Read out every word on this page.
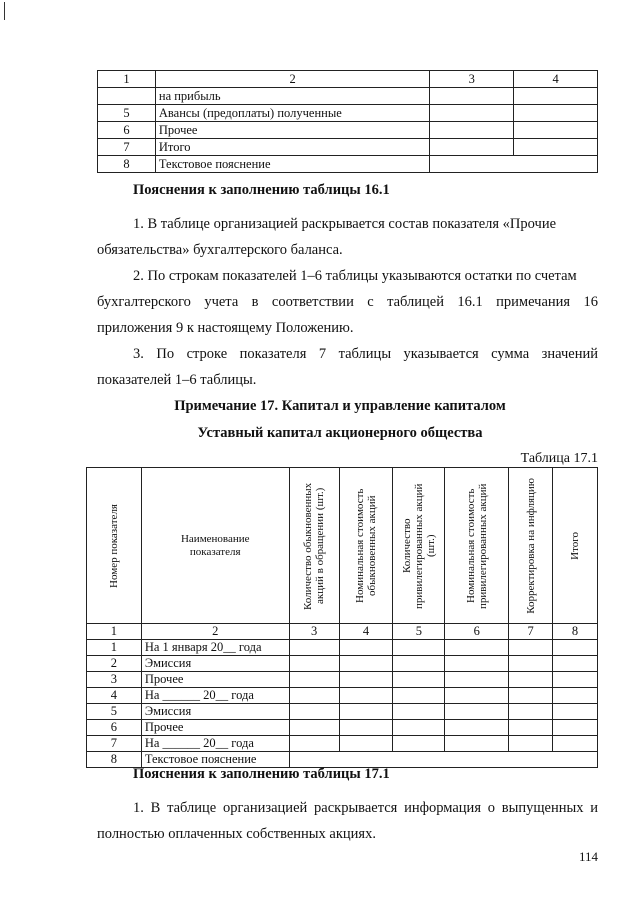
1	2	3	4
	на прибыль		
5	Авансы (предоплаты) полученные		
6	Прочее		
7	Итого		
8	Текстовое пояснение		
Пояснения к заполнению таблицы 16.1
1. В таблице организацией раскрывается состав показателя «Прочие
обязательства» бухгалтерского баланса.
2. По строкам показателей 1–6 таблицы указываются остатки по счетам
бухгалтерского учета в соответствии с таблицей 16.1 примечания 16
приложения 9 к настоящему Положению.
3. По строке показателя 7 таблицы указывается сумма значений
показателей 1–6 таблицы.
Примечание 17. Капитал и управление капиталом
Уставный капитал акционерного общества
Таблица 17.1
Номер показателя	Наименование показателя	Количество обыкновенных акций в обращении (шт.)	Номинальная стоимость обыкновенных акций	Количество привилегированных акций (шт.)	Номинальная стоимость привилегированных акций	Корректировка на инфляцию	Итого

1	2	3	4	5	6	7	8
1	На 1 января 20__ года						
2	Эмиссия						
3	Прочее						
4	На ______ 20__ года						
5	Эмиссия						
6	Прочее						
7	На ______ 20__ года						
8	Текстовое пояснение						
Пояснения к заполнению таблицы 17.1
1. В таблице организацией раскрывается информация о выпущенных и
полностью оплаченных собственных акциях.
114
